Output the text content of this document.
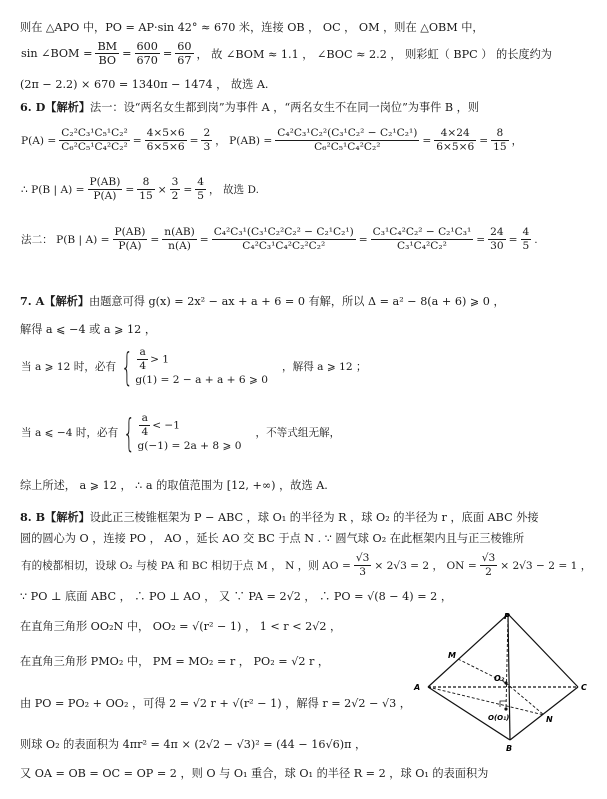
则在 △APO 中，PO = AP·sin 42° ≈ 670 米，连接 OB ， OC ， OM ，则在 △OBM 中，
sin ∠BOM = $\frac{BM}{BO} = \frac{600}{670} = \frac{60}{67}$ ， 故 ∠BOM ≈ 1.1 ， ∠BOC ≈ 2.2 ， 则彩虹（ BPC ） 的长度约为
(2π − 2.2) × 670 = 1340π − 1474 ， 故选 A.
6. D【解析】法一：设“两名女生都到岗”为事件 A ，“两名女生不在同一岗位”为事件 B ，则
$P(A) = \frac{\text{C₂²C₃¹C₅¹C₂²}}{\text{C₆²C₅¹C₄²C₂²}} = \frac{4\times 5\times 6}{6\times 5\times 6} = \frac{2}{3}$ ， $P(AB) = \frac{\text{C₄²C₃¹C₂²(C₃¹C₂² − C₂¹C₂¹)}}{\text{C₆²C₅¹C₄²C₂²}} = \frac{4\times 24}{6\times 5\times 6} = \frac{8}{15}$ ，
∴ P(B | $A) = \frac{P(AB)}{P(A)} = \frac{8}{15} \times \frac{3}{2} = \frac{4}{5}$ ， 故选 D.
法二： P(B | $A) = \frac{P(AB)}{P(A)} = \frac{n(AB)}{n(A)} = \frac{\text{C₄²C₃¹(C₃¹C₂²C₂² − C₂¹C₂¹)}}{\text{C₄²C₃¹C₄²C₂²C₂²}} = \frac{\text{C₃¹C₄²C₂² − C₂¹C₃¹}}{\text{C₃¹C₄²C₂²}} = \frac{24}{30} = \frac{4}{5}$ .
7. A【解析】由题意可得 g(x) = 2x² − ax + a + 6 = 0 有解，所以 Δ = a² − 8(a + 6) ⩾ 0 ，
解得 a ⩽ −4 或 a ⩾ 12 ，
当 a ⩾ 12 时，必有 { $\frac{a}{4} > 1$
g(1) = 2 − a + a + 6 ⩾ 0
，解得 a ⩾ 12 ；
当 a ⩽ −4 时，必有 { $\frac{a}{4} < -1$
g(−1) = 2a + 8 ⩾ 0
，不等式组无解，
综上所述， a ⩾ 12 ， ∴ a 的取值范围为 [12, +∞) ，故选 A.
8. B【解析】设此正三棱锥框架为 P − ABC ，球 O₁ 的半径为 R ，球 O₂ 的半径为 r ，底面 ABC 外接
圆的圆心为 O ，连接 PO ， AO ，延长 AO 交 BC 于点 N . ∵ 圆气球 O₂ 在此框架内且与正三棱锥所
有的棱都相切，设球 O₂ 与棱 PA 和 BC 相切于点 M ， N ，则 AO = $\frac{√3}{3} \times 2√3 = 2$ ， ON = $\frac{√3}{2} \times 2√3 - 2 = 1$ ，
∵ PO ⊥ 底面 ABC ， ∴ PO ⊥ AO ， 又 ∵ PA = 2√2 ， ∴ PO = √(8 − 4) = 2 ，
在直角三角形 OO₂N 中， OO₂ = √(r² − 1) ， 1 < r < 2√2 ，
在直角三角形 PMO₂ 中， PM = MO₂ = r ， PO₂ = √2 r ，
由 PO = PO₂ + OO₂ ，可得 2 = √2 r + √(r² − 1) ，解得 r = 2√2 − √3 ，
则球 O₂ 的表面积为 4πr² = 4π × (2√2 − √3)² = (44 − 16√6)π ，
又 OA = OB = OC = OP = 2 ，则 O 与 O₁ 重合，球 O₁ 的半径 R = 2 ，球 O₁ 的表面积为
P
A
B
C
M
N
O₂
O(O₁)
